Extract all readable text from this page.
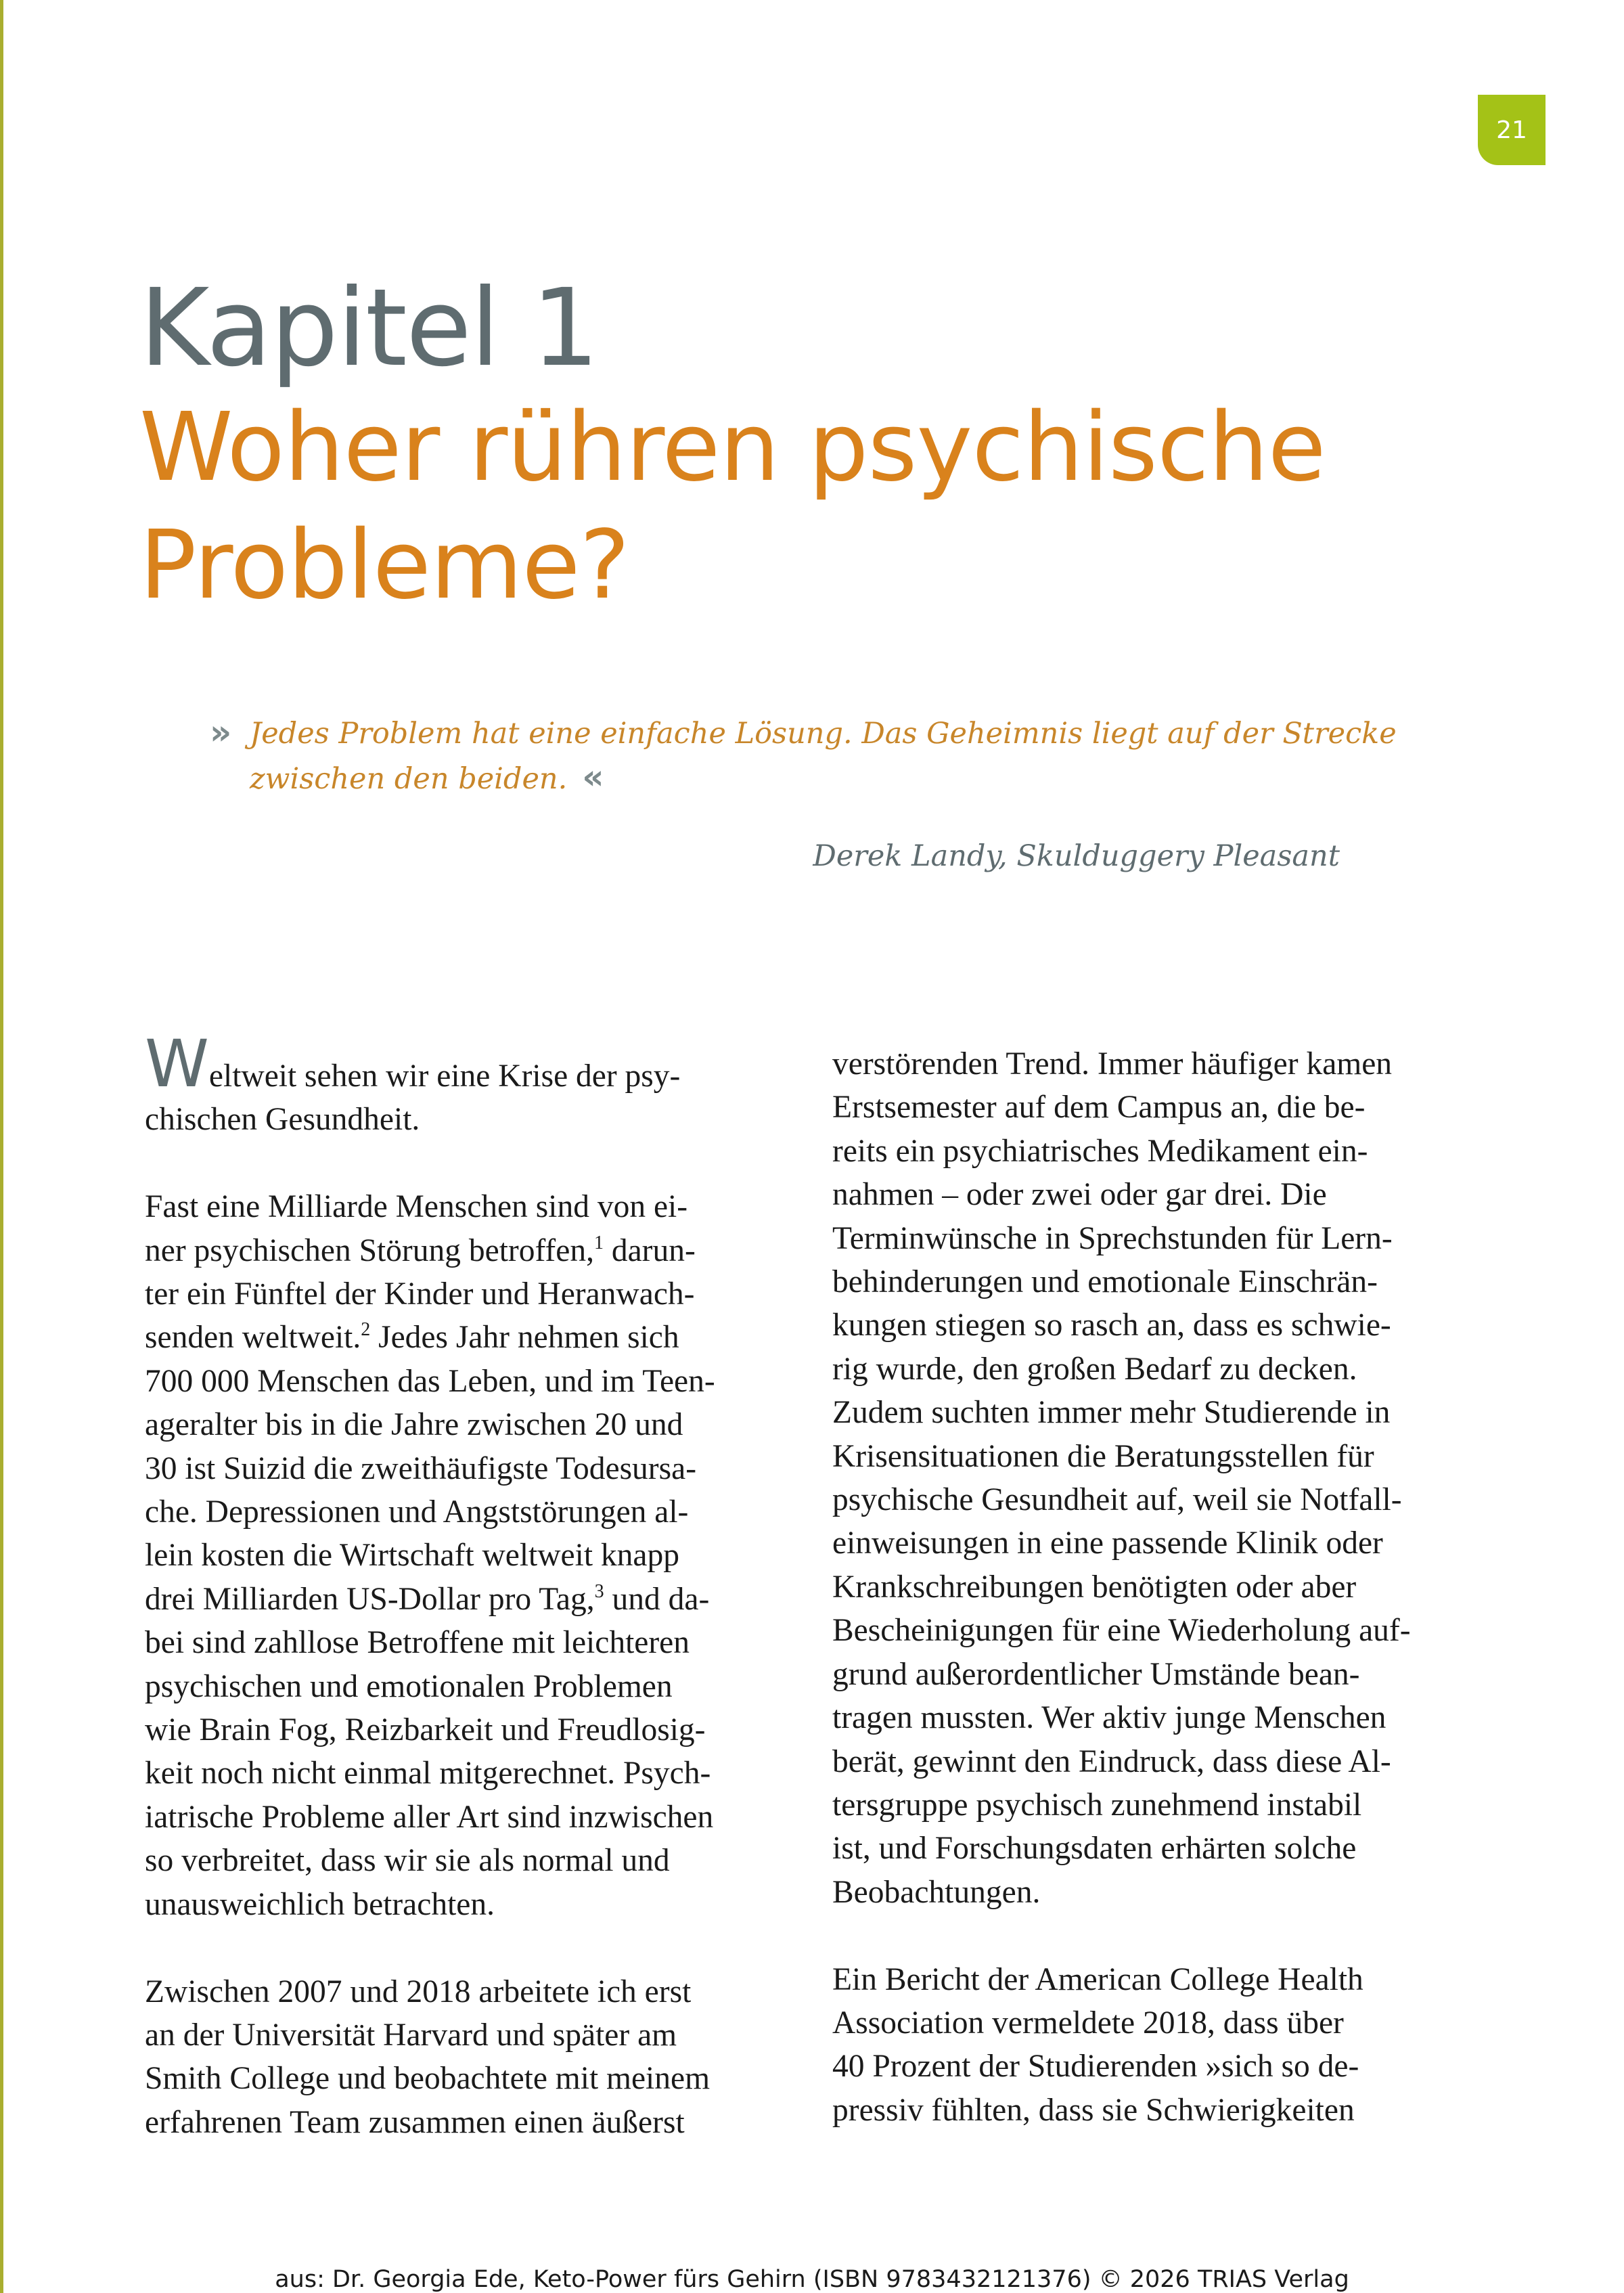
21
Kapitel 1
Woher rühren psychische
Probleme?
» Jedes Problem hat eine einfache Lösung. Das Geheimnis liegt auf der Strecke
zwischen den beiden. «
Derek Landy, Skulduggery Pleasant

Weltweit sehen wir eine Krise der psy-
chischen Gesundheit.

Fast eine Milliarde Menschen sind von ei-
ner psychischen Störung betroffen,$^1$ darun-
ter ein Fünftel der Kinder und Heranwach-
senden weltweit.$^2$ Jedes Jahr nehmen sich
700 000 Menschen das Leben, und im Teen-
ageralter bis in die Jahre zwischen 20 und
30 ist Suizid die zweithäufigste Todesursa-
che. Depressionen und Angststörungen al-
lein kosten die Wirtschaft weltweit knapp
drei Milliarden US-Dollar pro Tag,$^3$ und da-
bei sind zahllose Betroffene mit leichteren
psychischen und emotionalen Problemen
wie Brain Fog, Reizbarkeit und Freudlosig-
keit noch nicht einmal mitgerechnet. Psych-
iatrische Probleme aller Art sind inzwischen
so verbreitet, dass wir sie als normal und
unausweichlich betrachten.

Zwischen 2007 und 2018 arbeitete ich erst
an der Universität Harvard und später am
Smith College und beobachtete mit meinem
erfahrenen Team zusammen einen äußerst

verstörenden Trend. Immer häufiger kamen
Erstsemester auf dem Campus an, die be-
reits ein psychiatrisches Medikament ein-
nahmen – oder zwei oder gar drei. Die
Terminwünsche in Sprechstunden für Lern-
behinderungen und emotionale Einschrän-
kungen stiegen so rasch an, dass es schwie-
rig wurde, den großen Bedarf zu decken.
Zudem suchten immer mehr Studierende in
Krisensituationen die Beratungsstellen für
psychische Gesundheit auf, weil sie Notfall-
einweisungen in eine passende Klinik oder
Krankschreibungen benötigten oder aber
Bescheinigungen für eine Wiederholung auf-
grund außerordentlicher Umstände bean-
tragen mussten. Wer aktiv junge Menschen
berät, gewinnt den Eindruck, dass diese Al-
tersgruppe psychisch zunehmend instabil
ist, und Forschungsdaten erhärten solche
Beobachtungen.

Ein Bericht der American College Health
Association vermeldete 2018, dass über
40 Prozent der Studierenden »sich so de-
pressiv fühlten, dass sie Schwierigkeiten

aus: Dr. Georgia Ede, Keto-Power fürs Gehirn (ISBN 9783432121376) © 2026 TRIAS Verlag
